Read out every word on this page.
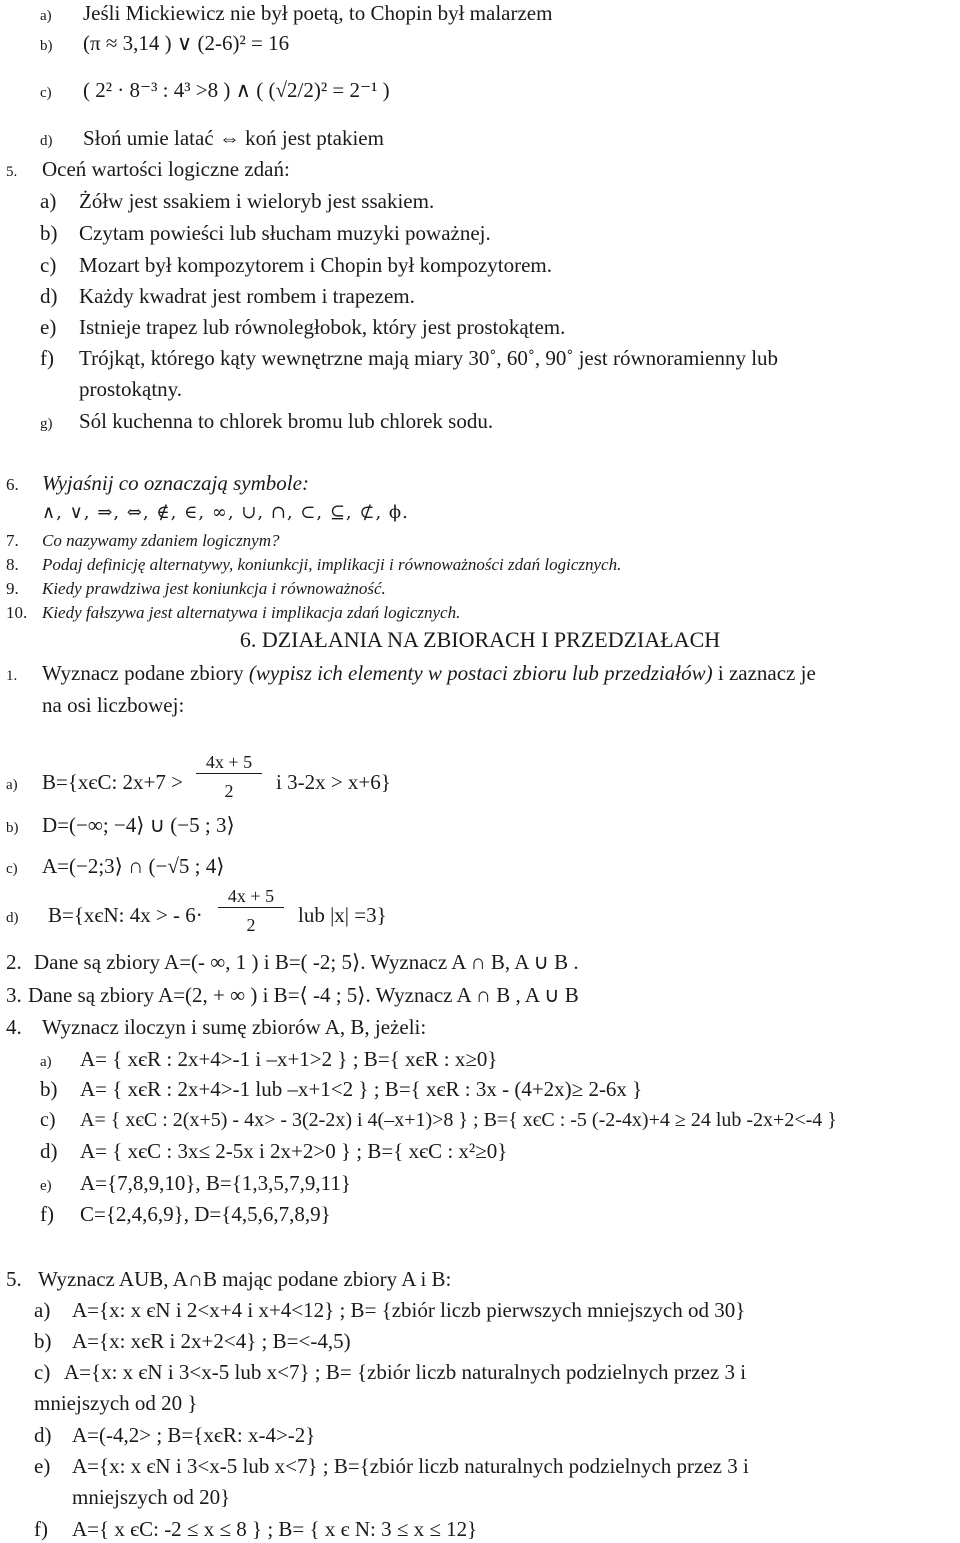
a) Jeśli Mickiewicz nie był poetą, to Chopin był malarzem
b) (π ≈ 3,14 ) ∨ (2-6)² = 16
c) ( 2² · 8⁻³ : 4³ >8 ) ∧ ( (√2/2)² = 2⁻¹ )
d) Słoń umie latać ⇔ koń jest ptakiem
5. Oceń wartości logiczne zdań:
a) Żółw jest ssakiem i wieloryb jest ssakiem.
b) Czytam powieści lub słucham muzyki poważnej.
c) Mozart był kompozytorem i Chopin był kompozytorem.
d) Każdy kwadrat jest rombem i trapezem.
e) Istnieje trapez lub równoległobok, który jest prostokątem.
f) Trójkąt, którego kąty wewnętrzne mają miary 30˚, 60˚, 90˚ jest równoramienny lub
prostokątny.
g) Sól kuchenna to chlorek bromu lub chlorek sodu.
6. Wyjaśnij co oznaczają symbole:
∧, ∨, ⇒, ⇔, ∉, ∈, ∞, ∪, ∩, ⊂, ⊆, ⊄, ϕ.
7. Co nazywamy zdaniem logicznym?
8. Podaj definicję alternatywy, koniunkcji, implikacji i równoważności zdań logicznych.
9. Kiedy prawdziwa jest koniunkcja i równoważność.
10. Kiedy fałszywa jest alternatywa i implikacja zdań logicznych.
6. DZIAŁANIA NA ZBIORACH I PRZEDZIAŁACH
1. Wyznacz podane zbiory (wypisz ich elementy w postaci zbioru lub przedziałów) i zaznacz je
na osi liczbowej:
a) B={xєC: 2x+7 >
4x + 5
2	i 3-2x > x+6}
b) D=(−∞; −4⟩ ∪ (−5 ; 3⟩
c) A=(−2;3⟩ ∩ (−√5 ; 4⟩
d) B={xєN: 4x > - 6·
4x + 5
2	lub |x| =3}
2. Dane są zbiory A=(- ∞, 1 ) i B=( -2; 5⟩. Wyznacz A ∩ B, A ∪ B .
3. Dane są zbiory A=(2, + ∞ ) i B=⟨ -4 ; 5⟩. Wyznacz A ∩ B , A ∪ B
4. Wyznacz iloczyn i sumę zbiorów A, B, jeżeli:
a) A= { xєR : 2x+4>-1 i –x+1>2 } ; B={ xєR : x≥0}
b) A= { xєR : 2x+4>-1 lub –x+1<2 } ; B={ xєR : 3x - (4+2x)≥ 2-6x }
c) A= { xєC : 2(x+5) - 4x> - 3(2-2x) i 4(–x+1)>8 } ; B={ xєC : -5 (-2-4x)+4 ≥ 24 lub -2x+2<-4 }
d) A= { xєC : 3x≤ 2-5x i 2x+2>0 } ; B={ xєC : x²≥0}
e) A={7,8,9,10}, B={1,3,5,7,9,11}
f) C={2,4,6,9}, D={4,5,6,7,8,9}
5. Wyznacz AUB, A∩B mając podane zbiory A i B:
a) A={x: x єN i 2<x+4 i x+4<12} ; B= {zbiór liczb pierwszych mniejszych od 30}
b) A={x: xєR i 2x+2<4} ; B=<-4,5)
c) A={x: x єN i 3<x-5 lub x<7} ; B= {zbiór liczb naturalnych podzielnych przez 3 i
mniejszych od 20 }
d) A=(-4,2> ; B={xєR: x-4>-2}
e) A={x: x єN i 3<x-5 lub x<7} ; B={zbiór liczb naturalnych podzielnych przez 3 i
mniejszych od 20}
f) A={ x єC: -2 ≤ x ≤ 8 } ; B= { x є N: 3 ≤ x ≤ 12}
